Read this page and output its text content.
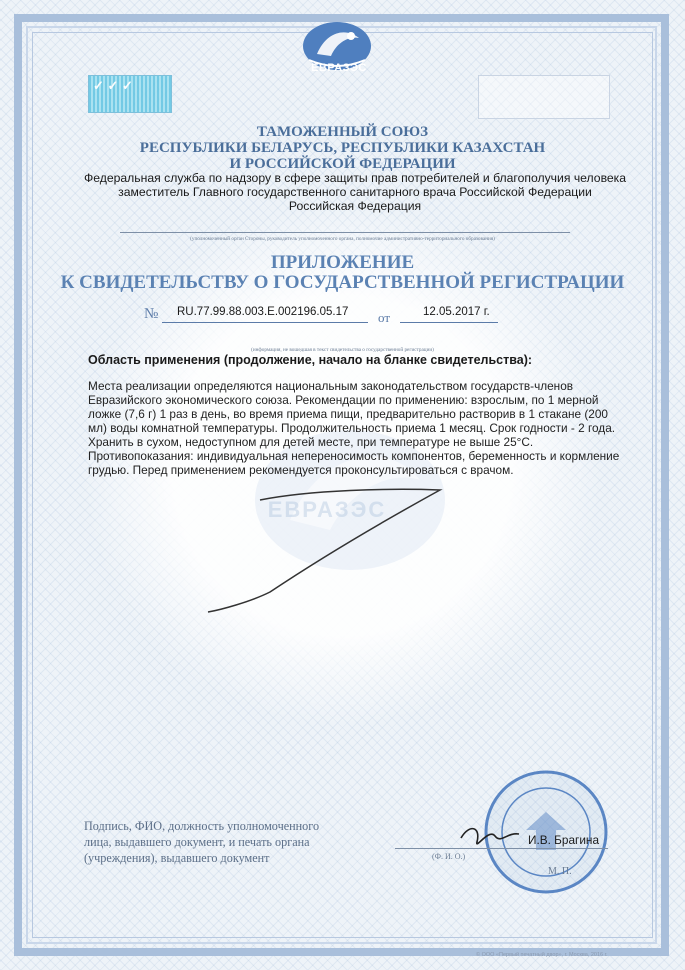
ЕВРАЗЭС
✓ ✓ ✓
ТАМОЖЕННЫЙ СОЮЗ
РЕСПУБЛИКИ БЕЛАРУСЬ, РЕСПУБЛИКИ КАЗАХСТАН
И РОССИЙСКОЙ ФЕДЕРАЦИИ
Федеральная служба по надзору в сфере защиты прав потребителей и благополучия человека
заместитель Главного государственного санитарного врача Российской Федерации
Российская Федерация
(уполномоченный орган Стороны, руководитель уполномоченного органа, полномочие административно-территориального образования)
ПРИЛОЖЕНИЕ
К СВИДЕТЕЛЬСТВУ О ГОСУДАРСТВЕННОЙ РЕГИСТРАЦИИ
№ RU.77.99.88.003.Е.002196.05.17 от	12.05.2017 г.
(информация, не вошедшая в текст свидетельства о государственной регистрации)
ЕВРАЗЭС
Область применения (продолжение, начало на бланке свидетельства):
Места реализации определяются национальным законодательством государств-членов
Евразийского экономического союза. Рекомендации по применению: взрослым, по 1 мерной
ложке (7,6 г) 1 раз в день, во время приема пищи, предварительно растворив в 1 стакане (200
мл) воды комнатной температуры. Продолжительность приема 1 месяц. Срок годности - 2 года.
Хранить в сухом, недоступном для детей месте, при температуре не выше 25°С.
Противопоказания: индивидуальная непереносимость компонентов, беременность и кормление
грудью. Перед применением рекомендуется проконсультироваться с врачом.
Подпись, ФИО, должность уполномоченного
лица, выдавшего документ, и печать органа
(учреждения), выдавшего документ
И.В. Брагина
(Ф. И. О.)
М. П.
© ООО «Первый печатный двор», г. Москва, 2016 г.
